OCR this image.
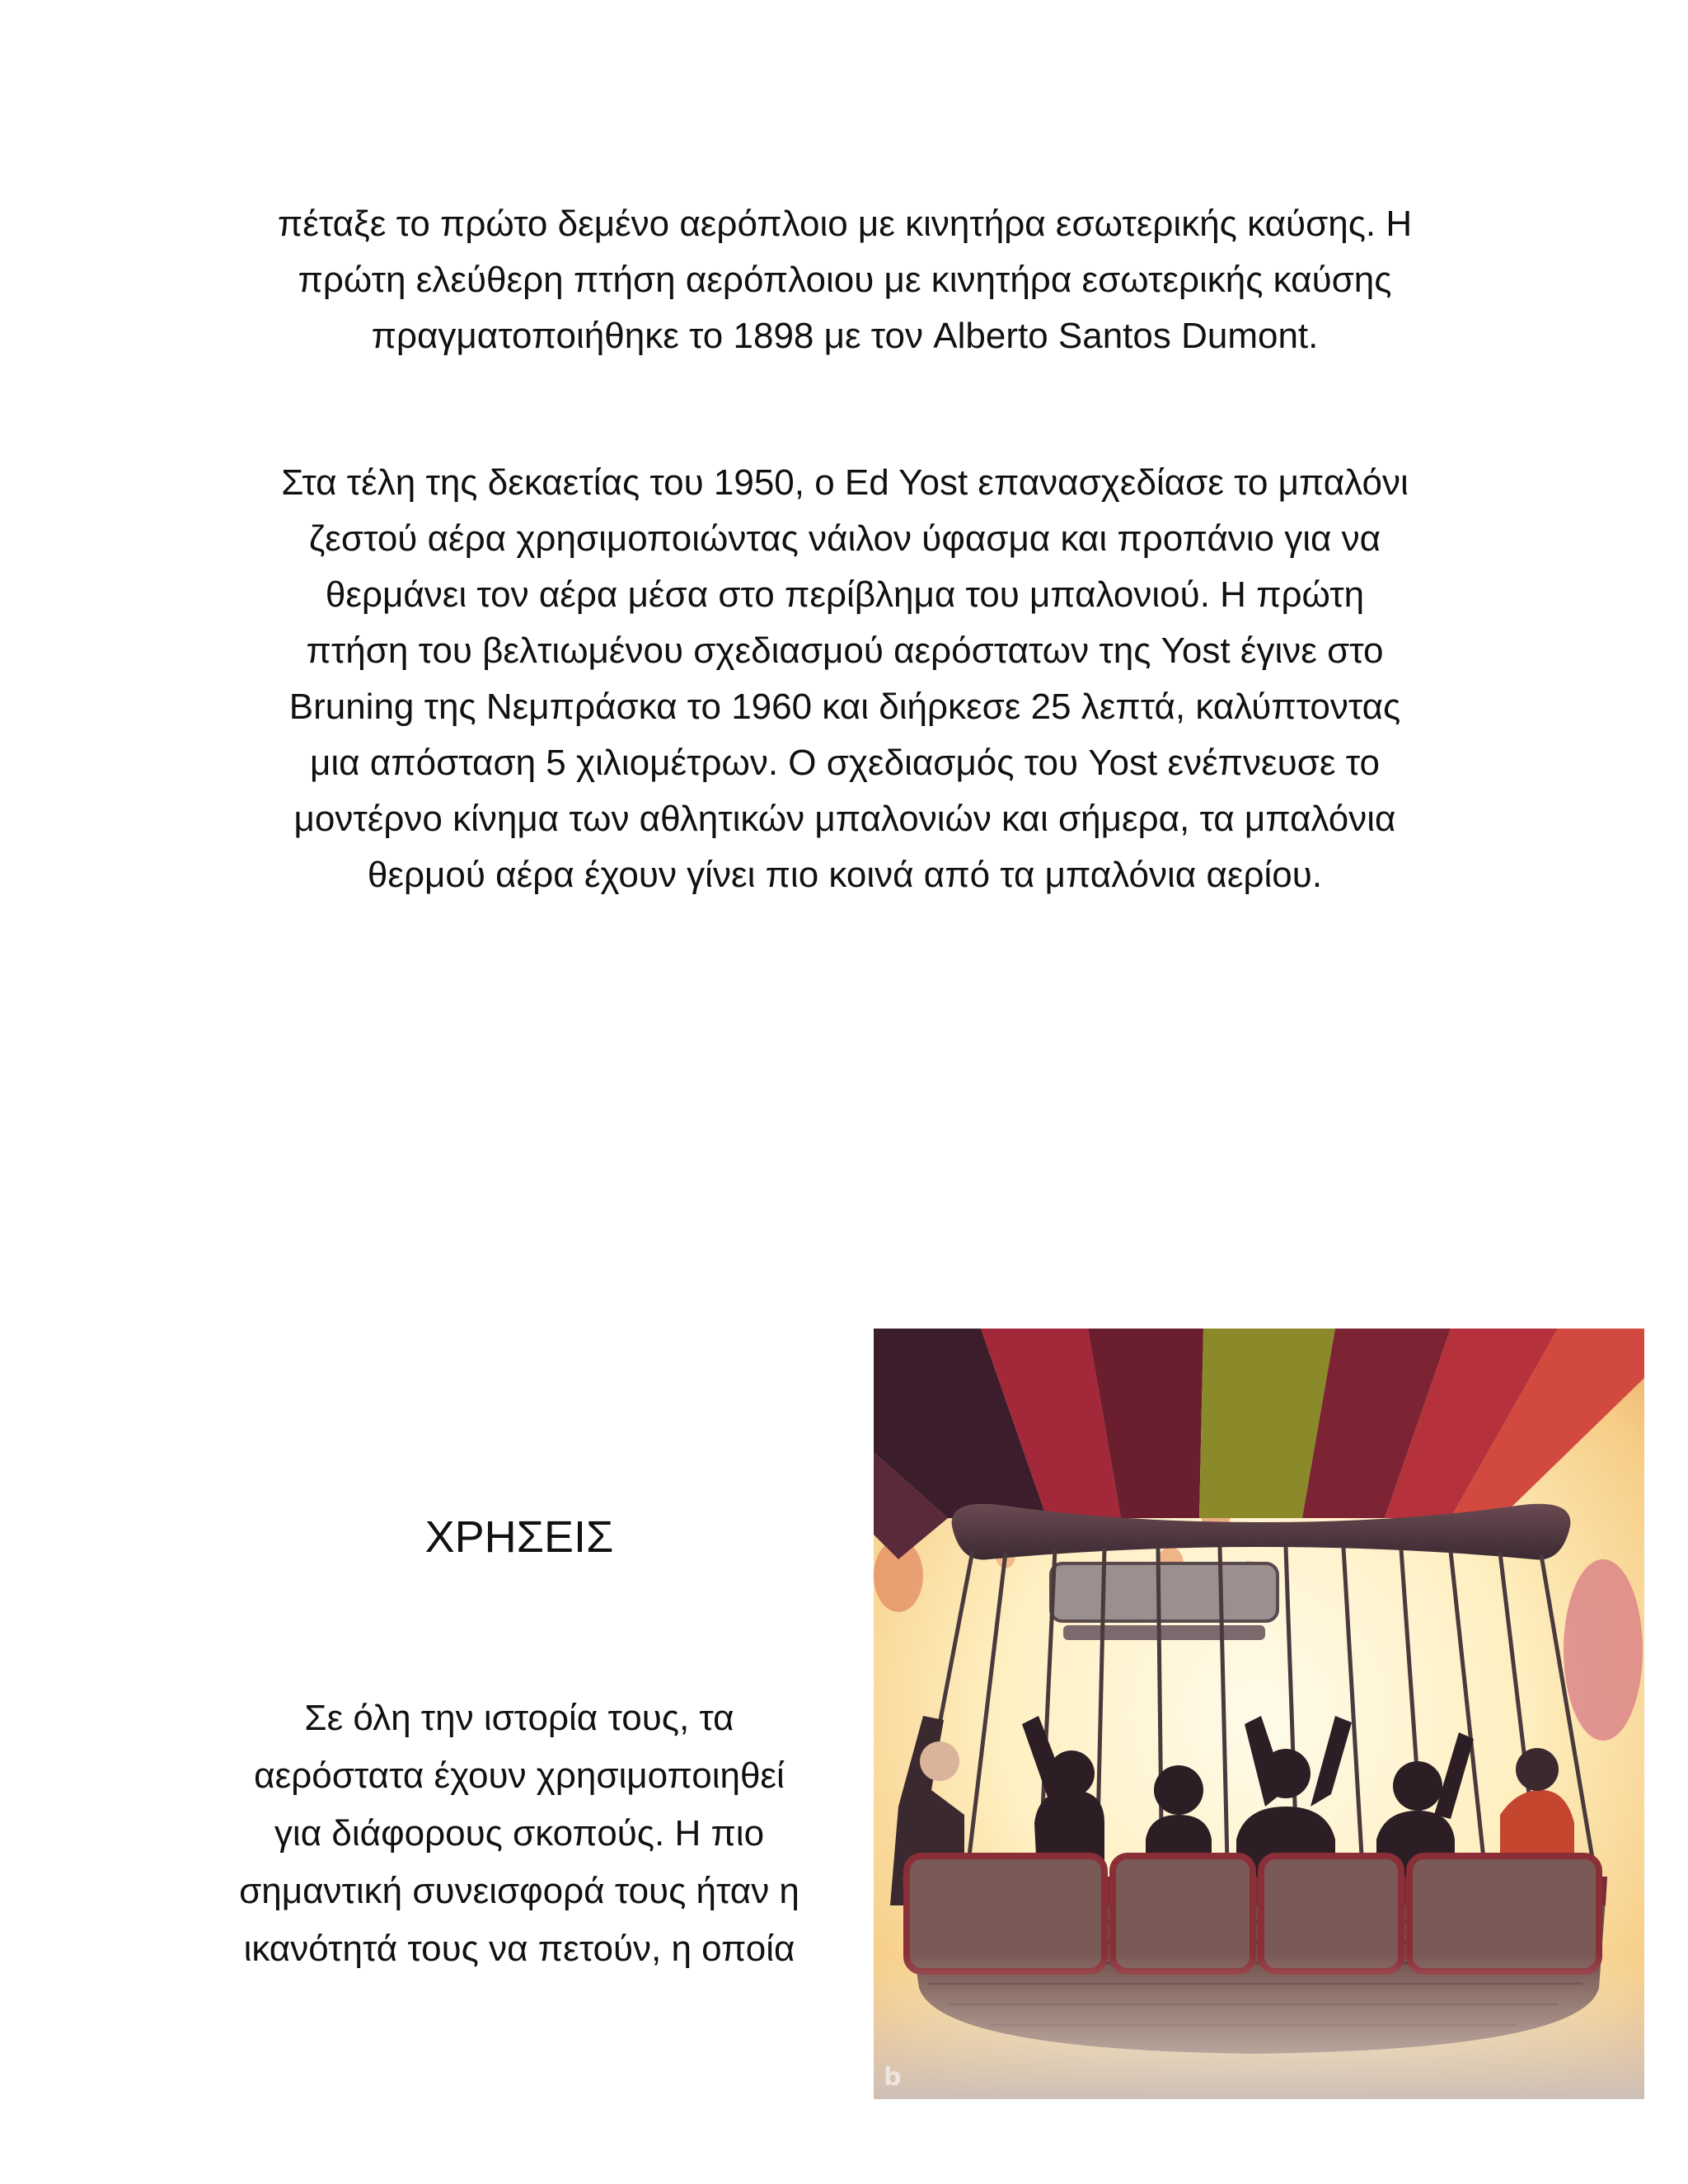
πέταξε το πρώτο δεμένο αερόπλοιο με κινητήρα εσωτερικής καύσης. Η
πρώτη ελεύθερη πτήση αερόπλοιου με κινητήρα εσωτερικής καύσης
πραγματοποιήθηκε το 1898 με τον Alberto Santos Dumont.

Στα τέλη της δεκαετίας του 1950, ο Ed Yost επανασχεδίασε το μπαλόνι
ζεστού αέρα χρησιμοποιώντας νάιλον ύφασμα και προπάνιο για να
θερμάνει τον αέρα μέσα στο περίβλημα του μπαλονιού. Η πρώτη
πτήση του βελτιωμένου σχεδιασμού αερόστατων της Yost έγινε στο
Bruning της Νεμπράσκα το 1960 και διήρκεσε 25 λεπτά, καλύπτοντας
μια απόσταση 5 χιλιομέτρων. Ο σχεδιασμός του Yost ενέπνευσε το
μοντέρνο κίνημα των αθλητικών μπαλονιών και σήμερα, τα μπαλόνια
θερμού αέρα έχουν γίνει πιο κοινά από τα μπαλόνια αερίου.

ΧΡΗΣΕΙΣ

Σε όλη την ιστορία τους, τα
αερόστατα έχουν χρησιμοποιηθεί
για διάφορους σκοπούς. Η πιο
σημαντική συνεισφορά τους ήταν η
ικανότητά τους να πετούν, η οποία

b
